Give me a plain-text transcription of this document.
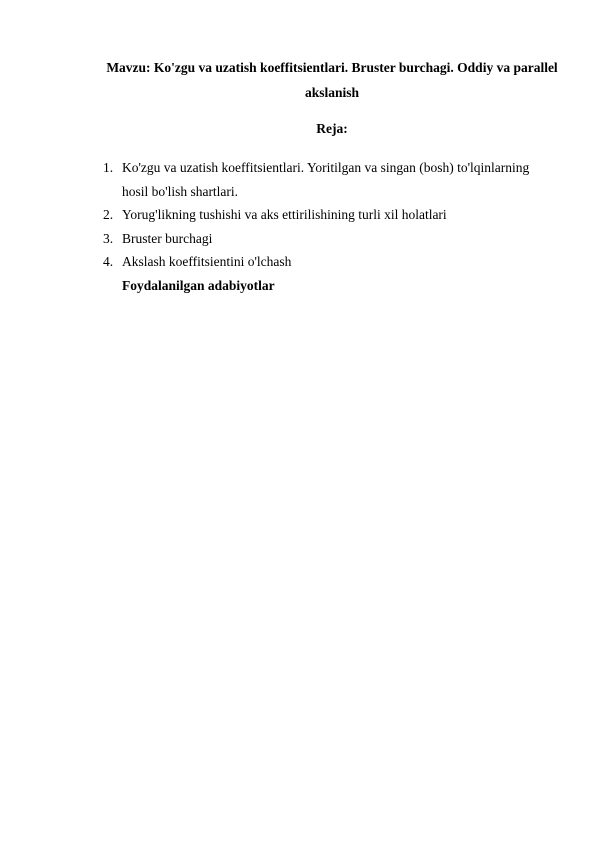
Mavzu: Ko'zgu va uzatish koeffitsientlari. Bruster burchagi. Oddiy va parallel akslanish
Reja:
1. Ko'zgu va uzatish koeffitsientlari. Yoritilgan va singan (bosh) to'lqinlarning hosil bo'lish shartlari.
2. Yorug'likning tushishi va aks ettirilishining turli xil holatlari
3. Bruster burchagi
4. Akslash koeffitsientini o'lchash
Foydalanilgan adabiyotlar
